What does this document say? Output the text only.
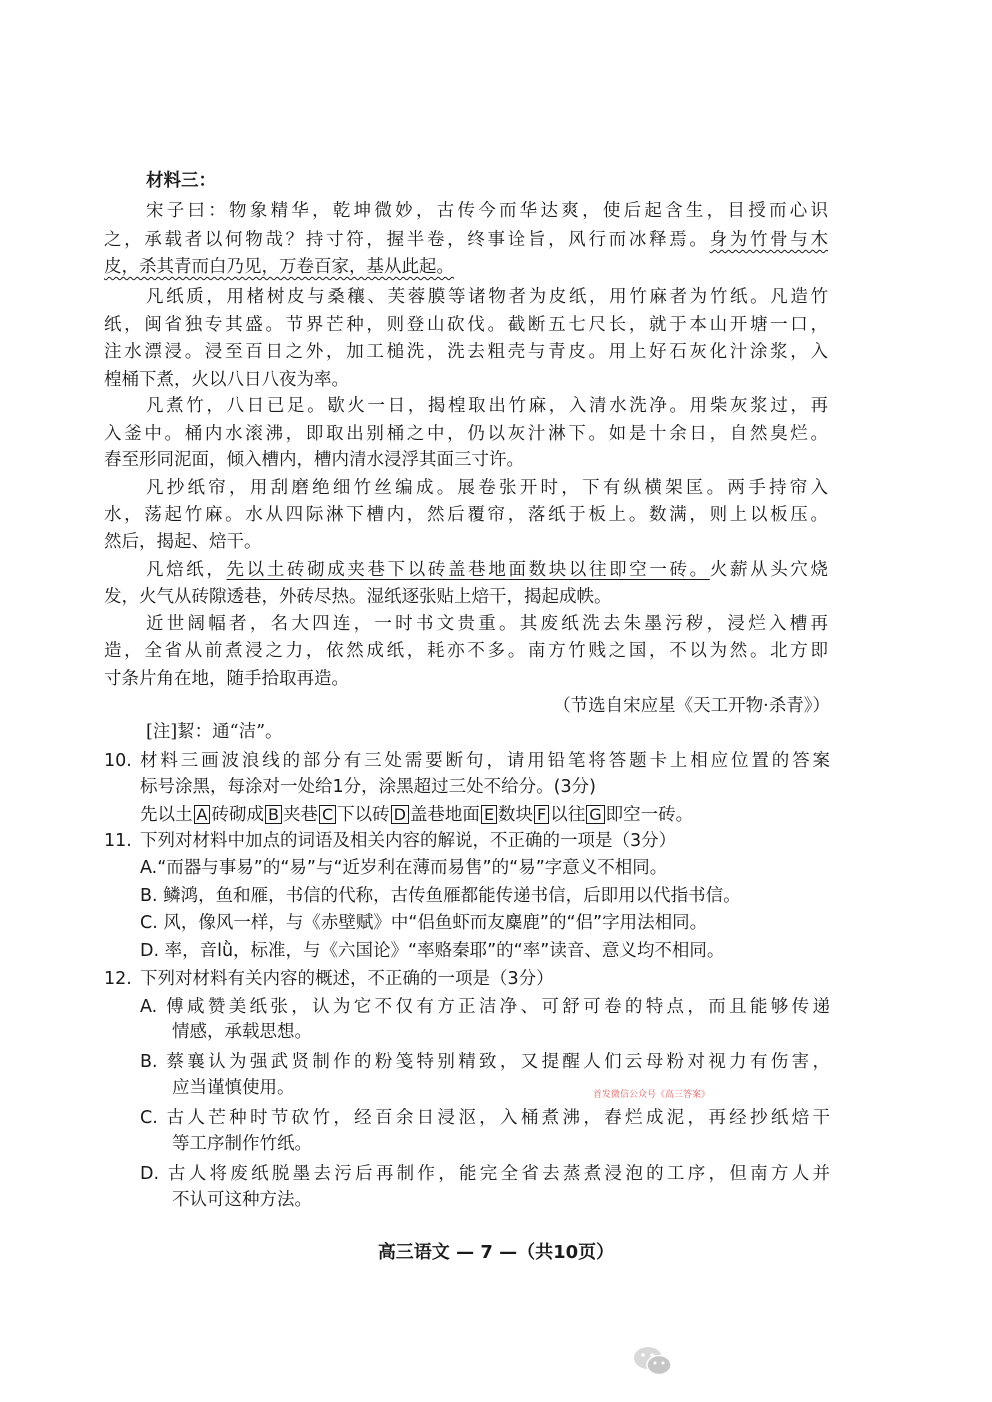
材料三：
宋子曰：物象精华，乾坤微妙，古传今而华达爽，使后起含生，目授而心识
之，承载者以何物哉？持寸符，握半卷，终事诠旨，风行而冰释焉。身为竹骨与木
皮，杀其青而白乃见，万卷百家，基从此起。
凡纸质，用楮树皮与桑穰、芙蓉膜等诸物者为皮纸，用竹麻者为竹纸。凡造竹
纸，闽省独专其盛。节界芒种，则登山砍伐。截断五七尺长，就于本山开塘一口，
注水漂浸。浸至百日之外，加工槌洗，洗去粗壳与青皮。用上好石灰化汁涂浆，入
楻桶下煮，火以八日八夜为率。
凡煮竹，八日已足。歇火一日，揭楻取出竹麻，入清水洗净。用柴灰浆过，再
入釜中。桶内水滚沸，即取出别桶之中，仍以灰汁淋下。如是十余日，自然臭烂。
舂至形同泥面，倾入槽内，槽内清水浸浮其面三寸许。
凡抄纸帘，用刮磨绝细竹丝编成。展卷张开时，下有纵横架匡。两手持帘入
水，荡起竹麻。水从四际淋下槽内，然后覆帘，落纸于板上。数满，则上以板压。
然后，揭起、焙干。
凡焙纸，先以土砖砌成夹巷下以砖盖巷地面数块以往即空一砖。火薪从头穴烧
发，火气从砖隙透巷，外砖尽热。湿纸逐张贴上焙干，揭起成帙。
近世阔幅者，名大四连，一时书文贵重。其废纸洗去朱墨污秽，浸烂入槽再
造，全省从前煮浸之力，依然成纸，耗亦不多。南方竹贱之国，不以为然。北方即
寸条片角在地，随手拾取再造。
（节选自宋应星《天工开物·杀青》）
[注]絜：通“洁”。
10. 材料三画波浪线的部分有三处需要断句，请用铅笔将答题卡上相应位置的答案
标号涂黑，每涂对一处给1分，涂黑超过三处不给分。(3分)
先以土 A 砖砌成 B 夹巷 C 下以砖 D 盖巷地面 E 数块 F 以往 G 即空一砖。
11. 下列对材料中加点的词语及相关内容的解说，不正确的一项是（3分）
A.“而器与事易”的“易”与“近岁利在薄而易售”的“易”字意义不相同。
B. 鳞鸿，鱼和雁，书信的代称，古传鱼雁都能传递书信，后即用以代指书信。
C. 风，像风一样，与《赤壁赋》中“侣鱼虾而友麋鹿”的“侣”字用法相同。
D. 率，音lǜ，标准，与《六国论》“率赂秦耶”的“率”读音、意义均不相同。
12. 下列对材料有关内容的概述，不正确的一项是（3分）
A. 傅咸赞美纸张，认为它不仅有方正洁净、可舒可卷的特点，而且能够传递
情感，承载思想。
B. 蔡襄认为强武贤制作的粉笺特别精致，又提醒人们云母粉对视力有伤害，
应当谨慎使用。	首发微信公众号《高三答案》
C. 古人芒种时节砍竹，经百余日浸沤，入桶煮沸，舂烂成泥，再经抄纸焙干
等工序制作竹纸。
D. 古人将废纸脱墨去污后再制作，能完全省去蒸煮浸泡的工序，但南方人并
不认可这种方法。
高三语文 — 7 —（共10页）
